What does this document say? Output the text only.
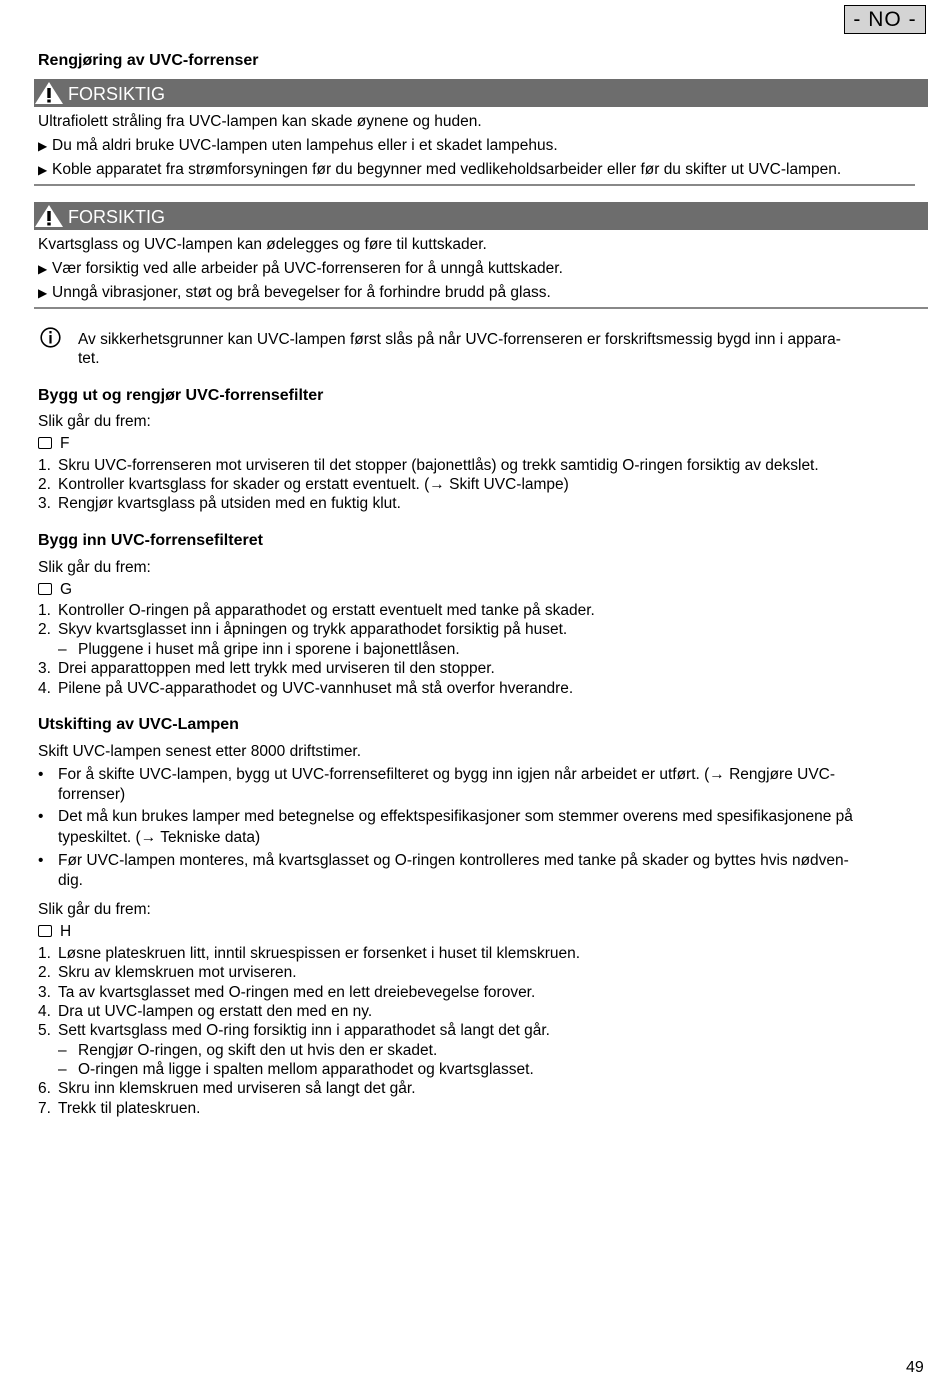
- NO -
Rengjøring av UVC-forrenser
FORSIKTIG
Ultrafiolett stråling fra UVC-lampen kan skade øynene og huden.
▶ Du må aldri bruke UVC-lampen uten lampehus eller i et skadet lampehus.
▶ Koble apparatet fra strømforsyningen før du begynner med vedlikeholdsarbeider eller før du skifter ut UVC-lampen.
FORSIKTIG
Kvartsglass og UVC-lampen kan ødelegges og føre til kuttskader.
▶ Vær forsiktig ved alle arbeider på UVC-forrenseren for å unngå kuttskader.
▶ Unngå vibrasjoner, støt og brå bevegelser for å forhindre brudd på glass.
Av sikkerhetsgrunner kan UVC-lampen først slås på når UVC-forrenseren er forskriftsmessig bygd inn i appara-
tet.
Bygg ut og rengjør UVC-forrensefilter
Slik går du frem:
F
1. Skru UVC-forrenseren mot urviseren til det stopper (bajonettlås) og trekk samtidig O-ringen forsiktig av dekslet.
2. Kontroller kvartsglass for skader og erstatt eventuelt. (→ Skift UVC-lampe)
3. Rengjør kvartsglass på utsiden med en fuktig klut.
Bygg inn UVC-forrensefilteret
Slik går du frem:
G
1. Kontroller O-ringen på apparathodet og erstatt eventuelt med tanke på skader.
2. Skyv kvartsglasset inn i åpningen og trykk apparathodet forsiktig på huset.
– Pluggene i huset må gripe inn i sporene i bajonettlåsen.
3. Drei apparattoppen med lett trykk med urviseren til den stopper.
4. Pilene på UVC-apparathodet og UVC-vannhuset må stå overfor hverandre.
Utskifting av UVC-Lampen
Skift UVC-lampen senest etter 8000 driftstimer.
• For å skifte UVC-lampen, bygg ut UVC-forrensefilteret og bygg inn igjen når arbeidet er utført. (→ Rengjøre UVC-
forrenser)
• Det må kun brukes lamper med betegnelse og effektspesifikasjoner som stemmer overens med spesifikasjonene på
typeskiltet. (→ Tekniske data)
• Før UVC-lampen monteres, må kvartsglasset og O-ringen kontrolleres med tanke på skader og byttes hvis nødven-
dig.
Slik går du frem:
H
1. Løsne plateskruen litt, inntil skruespissen er forsenket i huset til klemskruen.
2. Skru av klemskruen mot urviseren.
3. Ta av kvartsglasset med O-ringen med en lett dreiebevegelse forover.
4. Dra ut UVC-lampen og erstatt den med en ny.
5. Sett kvartsglass med O-ring forsiktig inn i apparathodet så langt det går.
– Rengjør O-ringen, og skift den ut hvis den er skadet.
– O-ringen må ligge i spalten mellom apparathodet og kvartsglasset.
6. Skru inn klemskruen med urviseren så langt det går.
7. Trekk til plateskruen.
49
